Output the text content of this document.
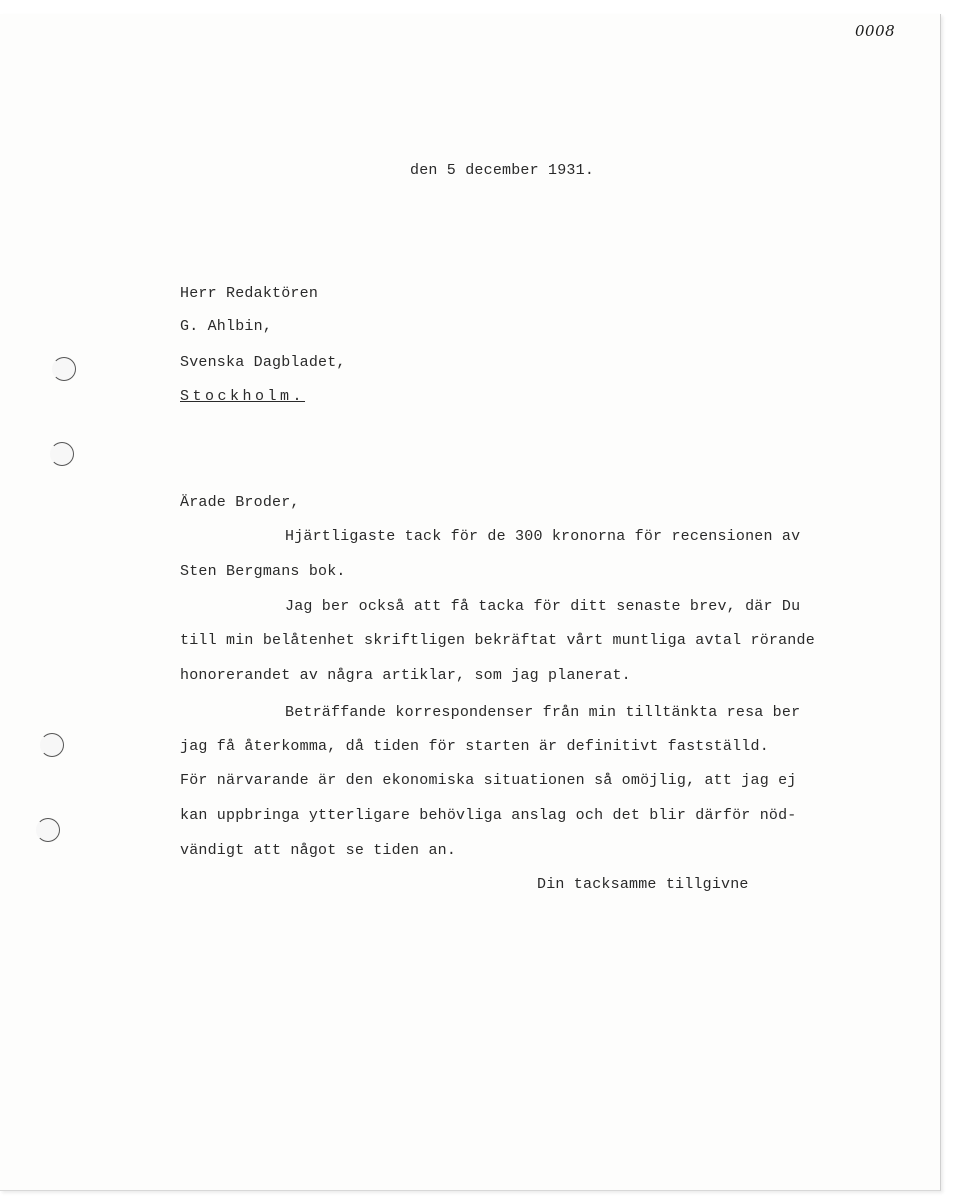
0008
den 5 december 1931.
Herr Redaktören
G. Ahlbin,
Svenska Dagbladet,
Stockholm.
Ärade Broder,
Hjärtligaste tack för de 300 kronorna för recensionen av
Sten Bergmans bok.
Jag ber också att få tacka för ditt senaste brev, där Du
till min belåtenhet skriftligen bekräftat vårt muntliga avtal rörande
honorerandet av några artiklar, som jag planerat.
Beträffande korrespondenser från min tilltänkta resa ber
jag få återkomma, då tiden för starten är definitivt fastställd.
För närvarande är den ekonomiska situationen så omöjlig, att jag ej
kan uppbringa ytterligare behövliga anslag och det blir därför nöd-
vändigt att något se tiden an.
Din tacksamme tillgivne
